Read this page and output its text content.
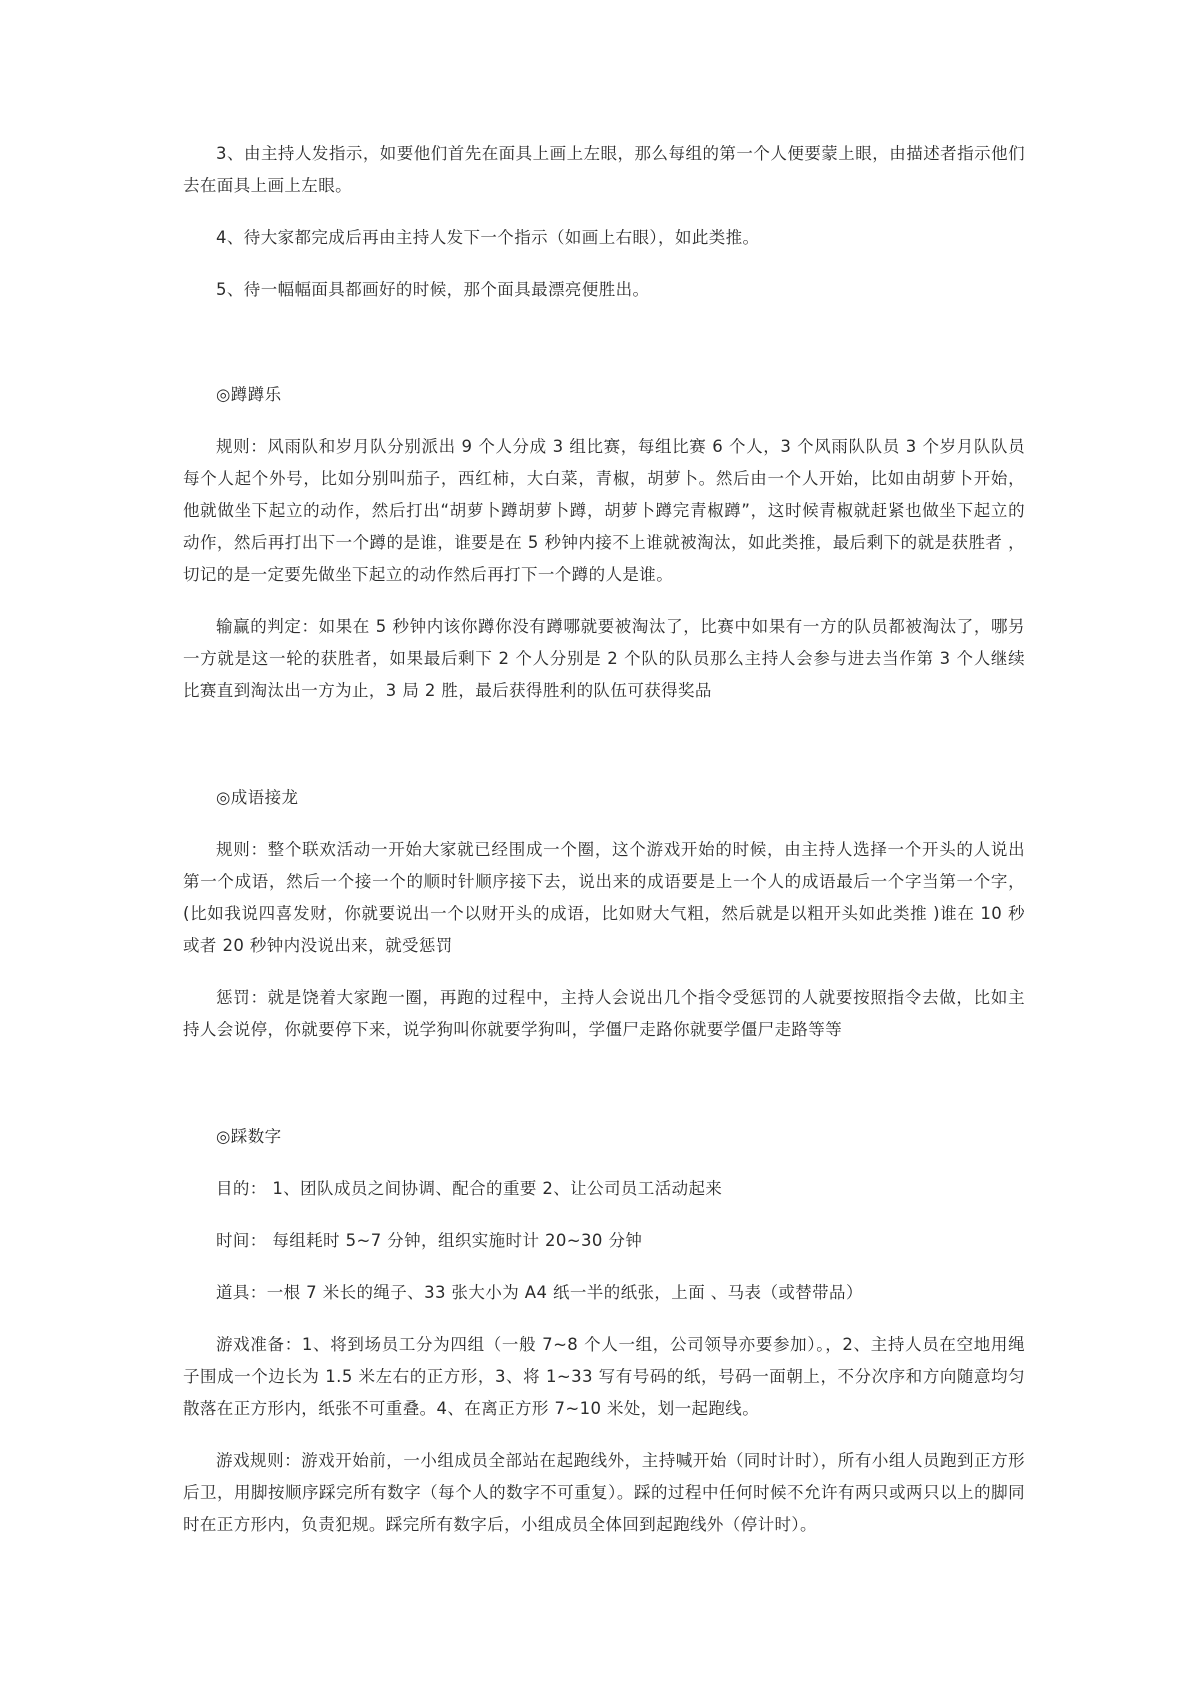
3、由主持人发指示，如要他们首先在面具上画上左眼，那么每组的第一个人便要蒙上眼，由描述者指示他们去在面具上画上左眼。

4、待大家都完成后再由主持人发下一个指示（如画上右眼），如此类推。

5、待一幅幅面具都画好的时候，那个面具最漂亮便胜出。

◎蹲蹲乐

规则：风雨队和岁月队分别派出 9 个人分成 3 组比赛，每组比赛 6 个人，3 个风雨队队员 3 个岁月队队员每个人起个外号，比如分别叫茄子，西红柿，大白菜，青椒，胡萝卜。然后由一个人开始，比如由胡萝卜开始，他就做坐下起立的动作，然后打出“胡萝卜蹲胡萝卜蹲，胡萝卜蹲完青椒蹲”，这时候青椒就赶紧也做坐下起立的动作，然后再打出下一个蹲的是谁，谁要是在 5 秒钟内接不上谁就被淘汰，如此类推，最后剩下的就是获胜者 ，切记的是一定要先做坐下起立的动作然后再打下一个蹲的人是谁。

输赢的判定：如果在 5 秒钟内该你蹲你没有蹲哪就要被淘汰了，比赛中如果有一方的队员都被淘汰了，哪另一方就是这一轮的获胜者，如果最后剩下 2 个人分别是 2 个队的队员那么主持人会参与进去当作第 3 个人继续比赛直到淘汰出一方为止，3 局 2 胜，最后获得胜利的队伍可获得奖品

◎成语接龙

规则：整个联欢活动一开始大家就已经围成一个圈，这个游戏开始的时候，由主持人选择一个开头的人说出第一个成语，然后一个接一个的顺时针顺序接下去，说出来的成语要是上一个人的成语最后一个字当第一个字，(比如我说四喜发财，你就要说出一个以财开头的成语，比如财大气粗，然后就是以粗开头如此类推 )谁在 10 秒或者 20 秒钟内没说出来，就受惩罚

惩罚：就是饶着大家跑一圈，再跑的过程中，主持人会说出几个指令受惩罚的人就要按照指令去做，比如主持人会说停，你就要停下来，说学狗叫你就要学狗叫，学僵尸走路你就要学僵尸走路等等

◎踩数字

目的： 1、团队成员之间协调、配合的重要 2、让公司员工活动起来

时间： 每组耗时 5~7 分钟，组织实施时计 20~30 分钟

道具：一根 7 米长的绳子、33 张大小为 A4 纸一半的纸张，上面 、马表（或替带品）

游戏准备：1、将到场员工分为四组（一般 7~8 个人一组，公司领导亦要参加）。，2、主持人员在空地用绳子围成一个边长为 1.5 米左右的正方形，3、将 1~33 写有号码的纸，号码一面朝上，不分次序和方向随意均匀散落在正方形内，纸张不可重叠。4、在离正方形 7~10 米处，划一起跑线。

游戏规则：游戏开始前，一小组成员全部站在起跑线外，主持喊开始（同时计时），所有小组人员跑到正方形后卫，用脚按顺序踩完所有数字（每个人的数字不可重复）。踩的过程中任何时候不允许有两只或两只以上的脚同时在正方形内，负责犯规。踩完所有数字后，小组成员全体回到起跑线外（停计时）。
